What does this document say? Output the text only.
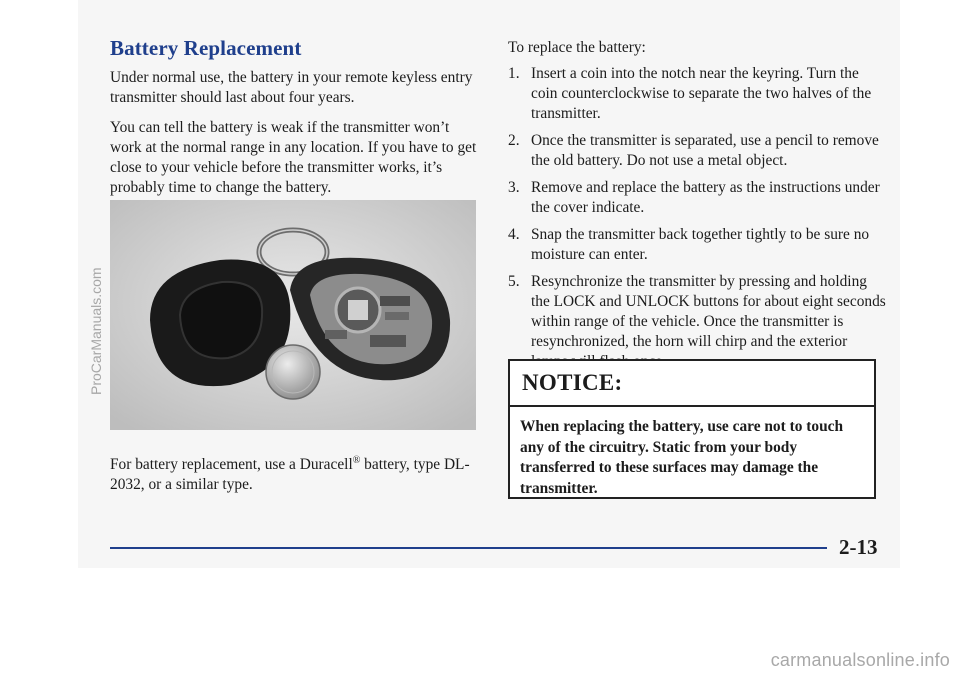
Battery Replacement

Under normal use, the battery in your remote keyless entry transmitter should last about four years.

You can tell the battery is weak if the transmitter won’t work at the normal range in any location. If you have to get close to your vehicle before the transmitter works, it’s probably time to change the battery.

For battery replacement, use a Duracell® battery, type DL-2032, or a similar type.

To replace the battery:

1. Insert a coin into the notch near the keyring. Turn the coin counterclockwise to separate the two halves of the transmitter.
2. Once the transmitter is separated, use a pencil to remove the old battery. Do not use a metal object.
3. Remove and replace the battery as the instructions under the cover indicate.
4. Snap the transmitter back together tightly to be sure no moisture can enter.
5. Resynchronize the transmitter by pressing and holding the LOCK and UNLOCK buttons for about eight seconds within range of the vehicle. Once the transmitter is resynchronized, the horn will chirp and the exterior
NOTICE:
When replacing the battery, use care not to touch any of the circuitry. Static from your body transferred to these surfaces may damage the transmitter.
2-13
ProCarManuals.com
carmanualsonline.info
